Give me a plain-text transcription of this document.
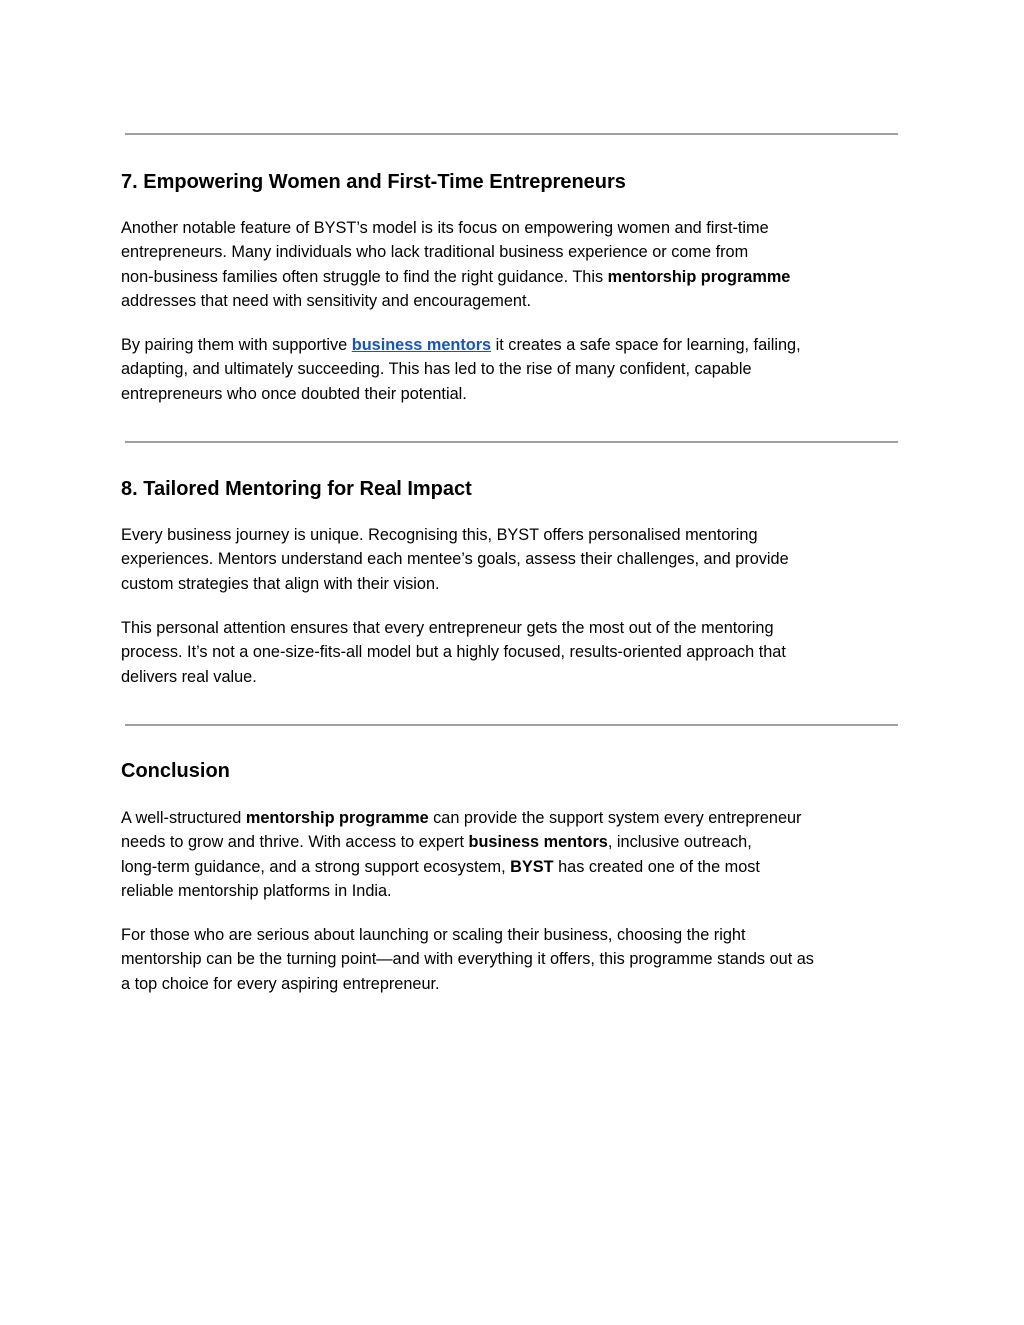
7. Empowering Women and First-Time Entrepreneurs

Another notable feature of BYST’s model is its focus on empowering women and first-time
entrepreneurs. Many individuals who lack traditional business experience or come from
non-business families often struggle to find the right guidance. This mentorship programme
addresses that need with sensitivity and encouragement.

By pairing them with supportive business mentors it creates a safe space for learning, failing,
adapting, and ultimately succeeding. This has led to the rise of many confident, capable
entrepreneurs who once doubted their potential.

8. Tailored Mentoring for Real Impact

Every business journey is unique. Recognising this, BYST offers personalised mentoring
experiences. Mentors understand each mentee’s goals, assess their challenges, and provide
custom strategies that align with their vision.

This personal attention ensures that every entrepreneur gets the most out of the mentoring
process. It’s not a one-size-fits-all model but a highly focused, results-oriented approach that
delivers real value.

Conclusion

A well-structured mentorship programme can provide the support system every entrepreneur
needs to grow and thrive. With access to expert business mentors, inclusive outreach,
long-term guidance, and a strong support ecosystem, BYST has created one of the most
reliable mentorship platforms in India.

For those who are serious about launching or scaling their business, choosing the right
mentorship can be the turning point—and with everything it offers, this programme stands out as
a top choice for every aspiring entrepreneur.
